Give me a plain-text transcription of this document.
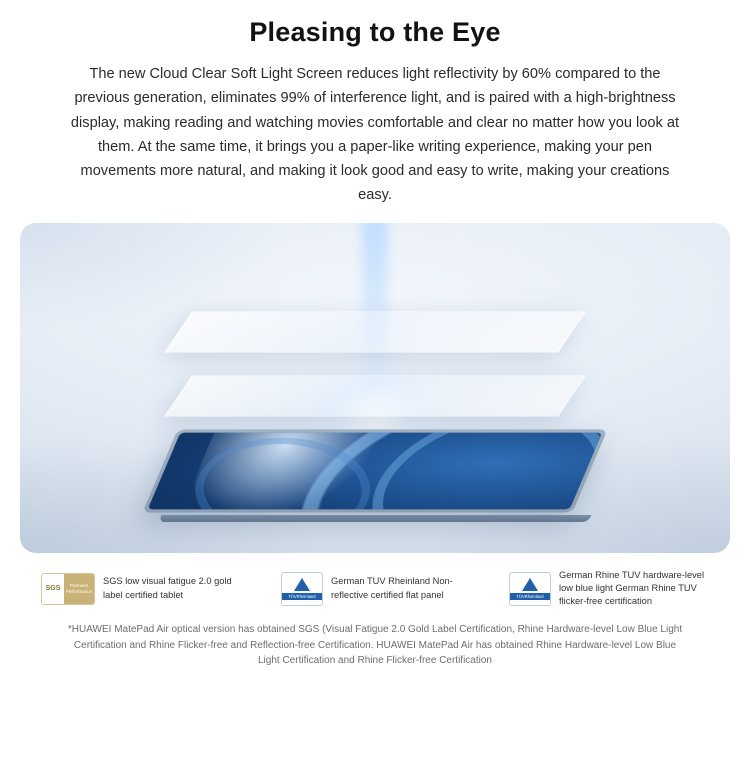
Pleasing to the Eye

The new Cloud Clear Soft Light Screen reduces light reflectivity by 60% compared to the previous generation, eliminates 99% of interference light, and is paired with a high-brightness display, making reading and watching movies comfortable and clear no matter how you look at them. At the same time, it brings you a paper-like writing experience, making your pen movements more natural, and making it look good and easy to write, making your creations easy.

SGS	Premium
Performance
SGS low visual fatigue 2.0 gold label certified tablet	TÜVRheinland
German TUV Rheinland Non-reflective certified flat panel	TÜVRheinland
German Rhine TUV hardware-level low blue light German Rhine TUV flicker-free certification

*HUAWEI MatePad Air optical version has obtained SGS (Visual Fatigue 2.0 Gold Label Certification, Rhine Hardware-level Low Blue Light Certification and Rhine Flicker-free and Reflection-free Certification. HUAWEI MatePad Air has obtained Rhine Hardware-level Low Blue Light Certification and Rhine Flicker-free Certification
